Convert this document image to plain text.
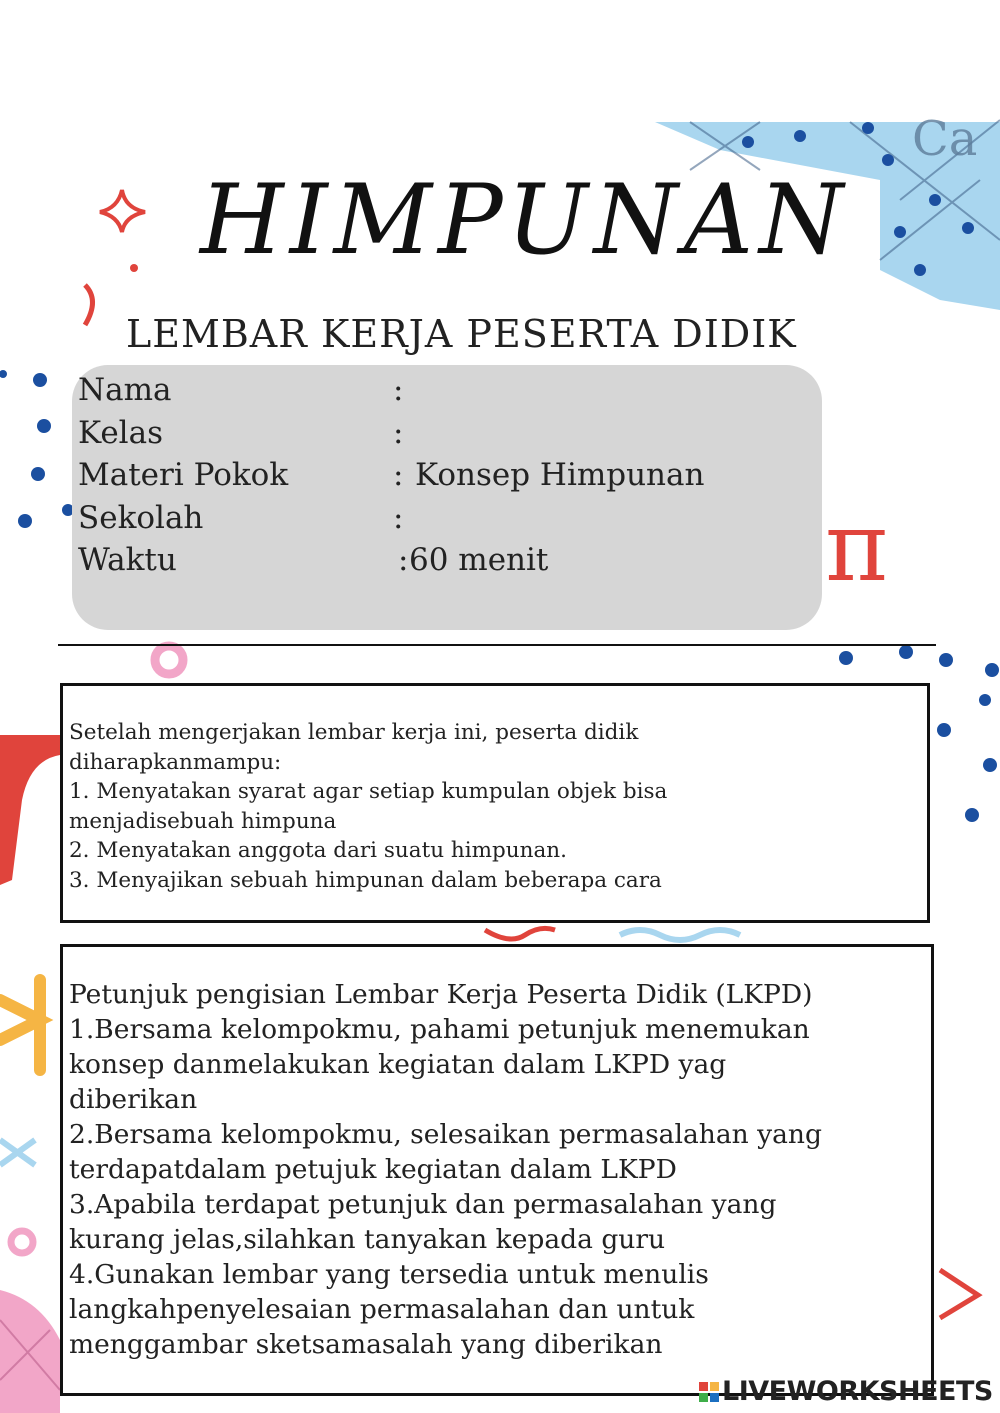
Ca
π
HIMPUNAN
LEMBAR KERJA PESERTA DIDIK
Nama	:
Kelas	:
Materi Pokok	: Konsep Himpunan
Sekolah	:
Waktu	: 60 menit
Setelah mengerjakan lembar kerja ini, peserta didik
diharapkanmampu:
1. Menyatakan syarat agar setiap kumpulan objek bisa
menjadisebuah himpuna
2. Menyatakan anggota dari suatu himpunan.
3. Menyajikan sebuah himpunan dalam beberapa cara
Petunjuk pengisian Lembar Kerja Peserta Didik (LKPD)
1.Bersama kelompokmu, pahami petunjuk menemukan
konsep danmelakukan kegiatan dalam LKPD yag
diberikan
2.Bersama kelompokmu, selesaikan permasalahan yang
terdapatdalam petujuk kegiatan dalam LKPD
3.Apabila terdapat petunjuk dan permasalahan yang
kurang jelas,silahkan tanyakan kepada guru
4.Gunakan lembar yang tersedia untuk menulis
langkahpenyelesaian permasalahan dan untuk
menggambar sketsamasalah yang diberikan
LIVEWORKSHEETS
